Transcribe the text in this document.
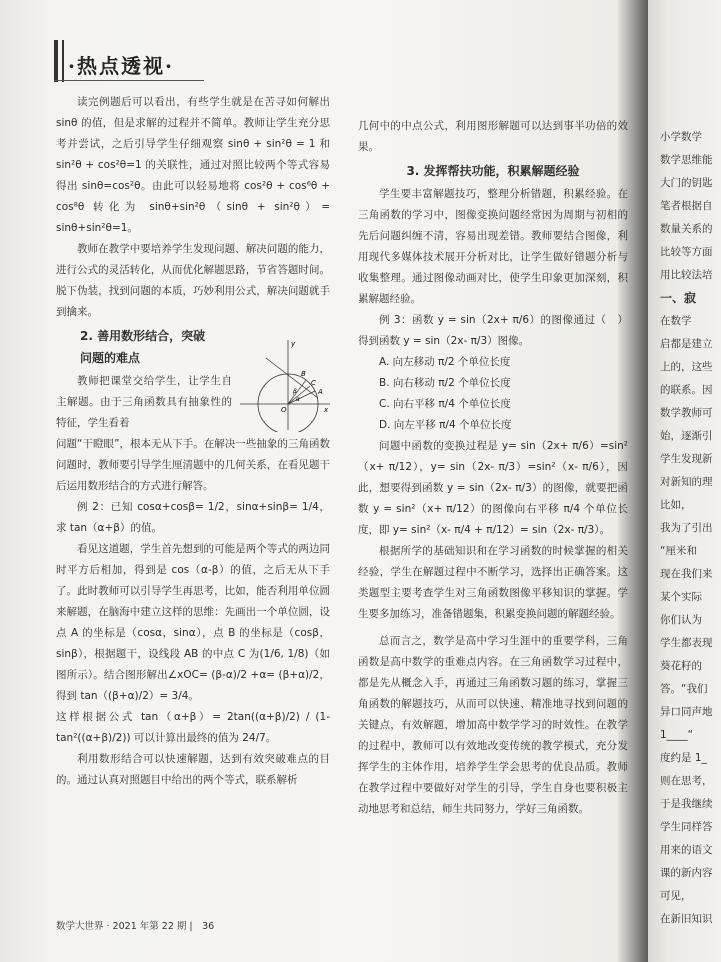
·热点透视·

读完例题后可以看出，有些学生就是在苦寻如何解出 sinθ 的值，但是求解的过程并不简单。教师让学生充分思考并尝试，之后引导学生仔细观察 sinθ + sin²θ = 1 和 sin²θ + cos²θ=1 的关联性，通过对照比较两个等式容易得出 sinθ=cos²θ。由此可以轻易地将 cos²θ + cos⁶θ + cos⁸θ 转化为 sinθ+sin²θ（sinθ + sin²θ）= sinθ+sin²θ=1。

教师在教学中要培养学生发现问题、解决问题的能力，进行公式的灵活转化，从而优化解题思路，节省答题时间。脱下伪装，找到问题的本质，巧妙利用公式，解决问题就手到擒来。

2. 善用数形结合，突破
问题的难点

教师把课堂交给学生，让学生自主解题。由于三角函数具有抽象性的特征，学生看着

问题“干瞪眼”，根本无从下手。在解决一些抽象的三角函数问题时，教师要引导学生厘清题中的几何关系，在看见题干后运用数形结合的方式进行解答。

例 2：已知 cosα+cosβ= 1/2，sinα+sinβ= 1/4，求 tan（α+β）的值。

看见这道题，学生首先想到的可能是两个等式的两边同时平方后相加，得到是 cos（α-β）的值，之后无从下手了。此时教师可以引导学生再思考，比如，能否利用单位圆来解题，在脑海中建立这样的思维：先画出一个单位圆，设点 A 的坐标是（cosα，sinα），点 B 的坐标是（cosβ，sinβ），根据题干，设线段 AB 的中点 C 为(1/6, 1/8)（如图所示）。结合图形解出∠xOC= (β-α)/2 +α= (β+α)/2，得到 tan（(β+α)/2）= 3/4。

这样根据公式 tan（α+β）= 2tan((α+β)/2) / (1-tan²((α+β)/2)) 可以计算出最终的值为 24/7。

利用数形结合可以快速解题，达到有效突破难点的目的。通过认真对照题目中给出的两个等式，联系解析

y
x
O
A
B
C
α
β

几何中的中点公式，利用图形解题可以达到事半功倍的效果。

3. 发挥帮扶功能，积累解题经验

学生要丰富解题技巧，整理分析错题，积累经验。在三角函数的学习中，图像变换问题经常因为周期与初相的先后问题纠缠不清，容易出现差错。教师要结合图像，利用现代多媒体技术展开分析对比，让学生做好错题分析与收集整理。通过图像动画对比，使学生印象更加深刻，积累解题经验。

例 3：函数 y = sin（2x+ π/6）的图像通过（　）得到函数 y = sin（2x- π/3）图像。

A. 向左移动 π/2 个单位长度

B. 向右移动 π/2 个单位长度

C. 向右平移 π/4 个单位长度

D. 向左平移 π/4 个单位长度

问题中函数的变换过程是 y= sin（2x+ π/6）=sin²（x+ π/12），y= sin（2x- π/3）=sin²（x- π/6），因此，想要得到函数 y = sin（2x- π/3）的图像，就要把函数 y = sin²（x+ π/12）的图像向右平移 π/4 个单位长度，即 y= sin²（x- π/4 + π/12）= sin（2x- π/3）。

根据所学的基础知识和在学习函数的时候掌握的相关经验，学生在解题过程中不断学习，选择出正确答案。这类题型主要考查学生对三角函数图像平移知识的掌握。学生要多加练习，准备错题集，积累变换问题的解题经验。

总而言之，数学是高中学习生涯中的重要学科，三角函数是高中数学的重难点内容。在三角函数学习过程中，都是先从概念入手，再通过三角函数习题的练习，掌握三角函数的解题技巧，从而可以快速、精准地寻找到问题的关键点，有效解题，增加高中数学学习的时效性。在教学的过程中，教师可以有效地改变传统的教学模式，充分发挥学生的主体作用，培养学生学会思考的优良品质。教师在教学过程中要做好对学生的引导，学生自身也要积极主动地思考和总结，师生共同努力，学好三角函数。

数学大世界 · 2021 年第 22 期 |　36
小学数学
数学思维能
大门的钥匙
笔者根据自
数量关系的
比较等方面
用比较法培
一、寂
在数学
启都是建立
上的，这些
的联系。因
数学教师可
始，逐渐引
学生发现新
对新知的理
比如，
我为了引出
“厘米和
现在我们来
某个实际
你们认为
学生都表现
葵花籽的
答。“我们
异口同声地
1____“
度约是 1_
则在思考，
于是我继续
学生同样答
用来的语文
课的新内容
可见，
在新旧知识
